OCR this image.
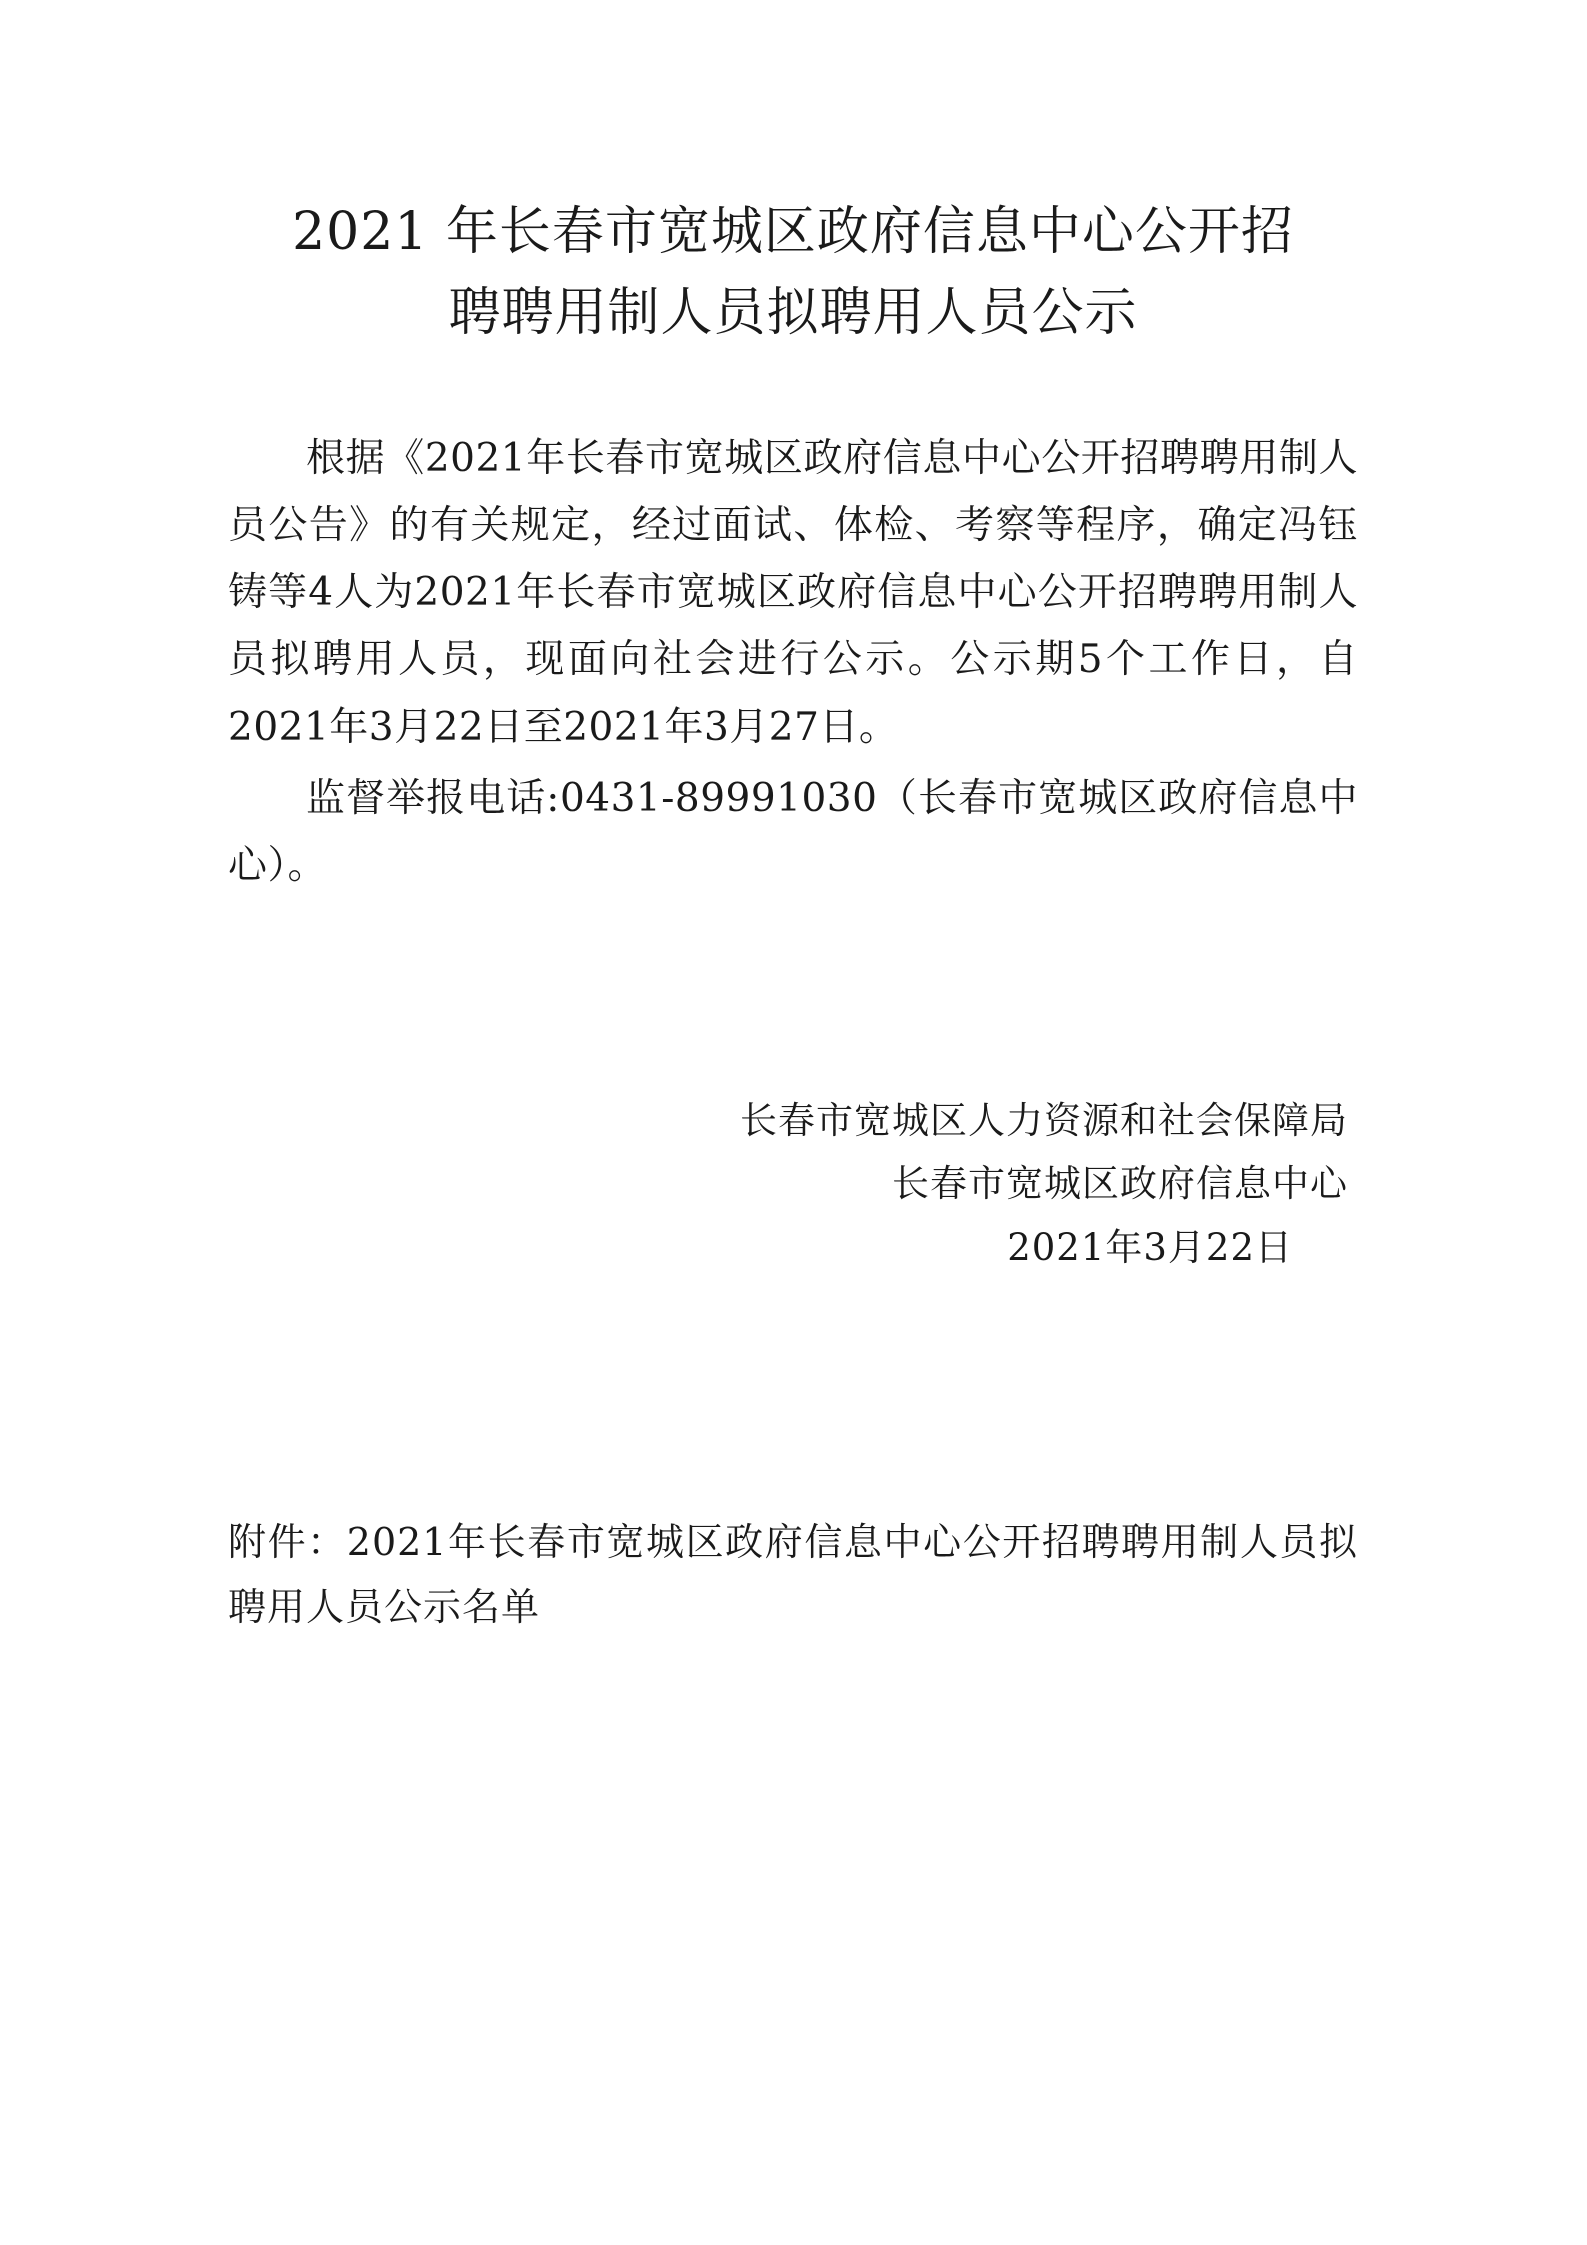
2021 年长春市宽城区政府信息中心公开招
聘聘用制人员拟聘用人员公示

根据《2021年长春市宽城区政府信息中心公开招聘聘用制人员公告》的有关规定，经过面试、体检、考察等程序，确定冯钰铸等4人为2021年长春市宽城区政府信息中心公开招聘聘用制人员拟聘用人员，现面向社会进行公示。公示期5个工作日，自2021年3月22日至2021年3月27日。

监督举报电话:0431-89991030（长春市宽城区政府信息中心）。

长春市宽城区人力资源和社会保障局
长春市宽城区政府信息中心
2021年3月22日
附件：2021年长春市宽城区政府信息中心公开招聘聘用制人员拟聘用人员公示名单
